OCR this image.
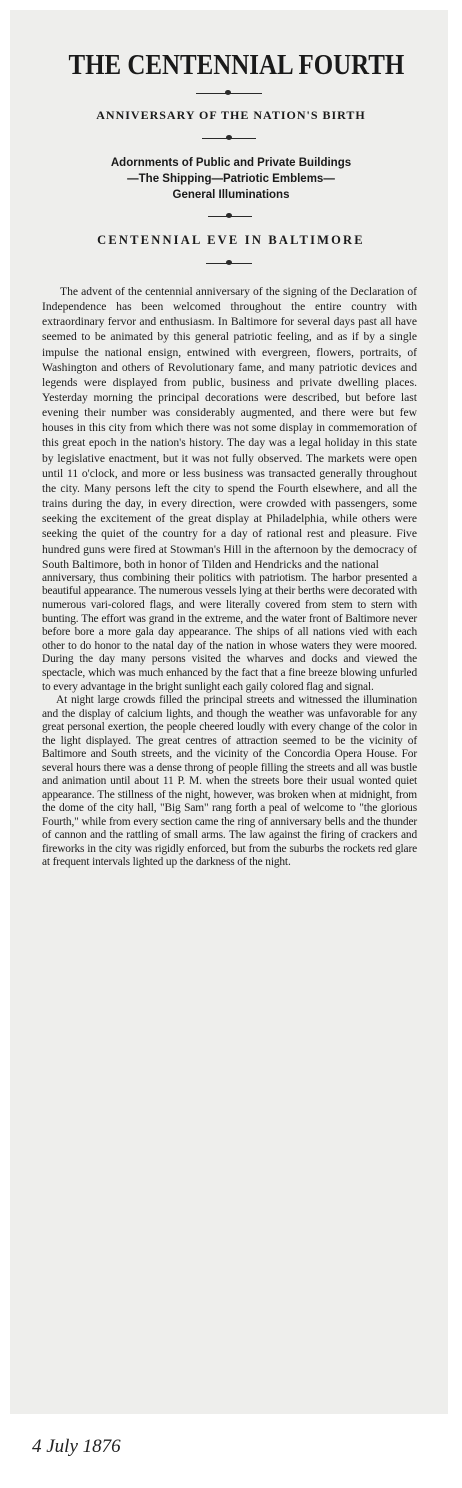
THE CENTENNIAL FOURTH
ANNIVERSARY OF THE NATION'S BIRTH
Adornments of Public and Private Buildings
—The Shipping—Patriotic Emblems—
General Illuminations
CENTENNIAL EVE IN BALTIMORE

The advent of the centennial anniversary of the signing of the Declaration of Independence has been welcomed throughout the entire country with extraordinary fervor and enthusiasm. In Baltimore for several days past all have seemed to be animated by this general patriotic feeling, and as if by a single impulse the national ensign, entwined with evergreen, flowers, portraits, of Washington and others of Revolutionary fame, and many patriotic devices and legends were displayed from public, business and private dwelling places. Yesterday morning the principal decorations were described, but before last evening their number was considerably augmented, and there were but few houses in this city from which there was not some display in commemoration of this great epoch in the nation's history. The day was a legal holiday in this state by legislative enactment, but it was not fully observed. The markets were open until 11 o'clock, and more or less business was transacted generally throughout the city. Many persons left the city to spend the Fourth elsewhere, and all the trains during the day, in every direction, were crowded with passengers, some seeking the excitement of the great display at Philadelphia, while others were seeking the quiet of the country for a day of rational rest and pleasure. Five hundred guns were fired at Stowman's Hill in the afternoon by the democracy of South Baltimore, both in honor of Tilden and Hendricks and the national

anniversary, thus combining their politics with patriotism. The harbor presented a beautiful appearance. The numerous vessels lying at their berths were decorated with numerous vari-colored flags, and were literally covered from stem to stern with bunting. The effort was grand in the extreme, and the water front of Baltimore never before bore a more gala day appearance. The ships of all nations vied with each other to do honor to the natal day of the nation in whose waters they were moored. During the day many persons visited the wharves and docks and viewed the spectacle, which was much enhanced by the fact that a fine breeze blowing unfurled to every advantage in the bright sunlight each gaily colored flag and signal.

At night large crowds filled the principal streets and witnessed the illumination and the display of calcium lights, and though the weather was unfavorable for any great personal exertion, the people cheered loudly with every change of the color in the light displayed. The great centres of attraction seemed to be the vicinity of Baltimore and South streets, and the vicinity of the Concordia Opera House. For several hours there was a dense throng of people filling the streets and all was bustle and animation until about 11 P. M. when the streets bore their usual wonted quiet appearance. The stillness of the night, however, was broken when at midnight, from the dome of the city hall, "Big Sam" rang forth a peal of welcome to "the glorious Fourth," while from every section came the ring of anniversary bells and the thunder of cannon and the rattling of small arms. The law against the firing of crackers and fireworks in the city was rigidly enforced, but from the suburbs the rockets red glare at frequent intervals lighted up the darkness of the night.

4 July 1876
